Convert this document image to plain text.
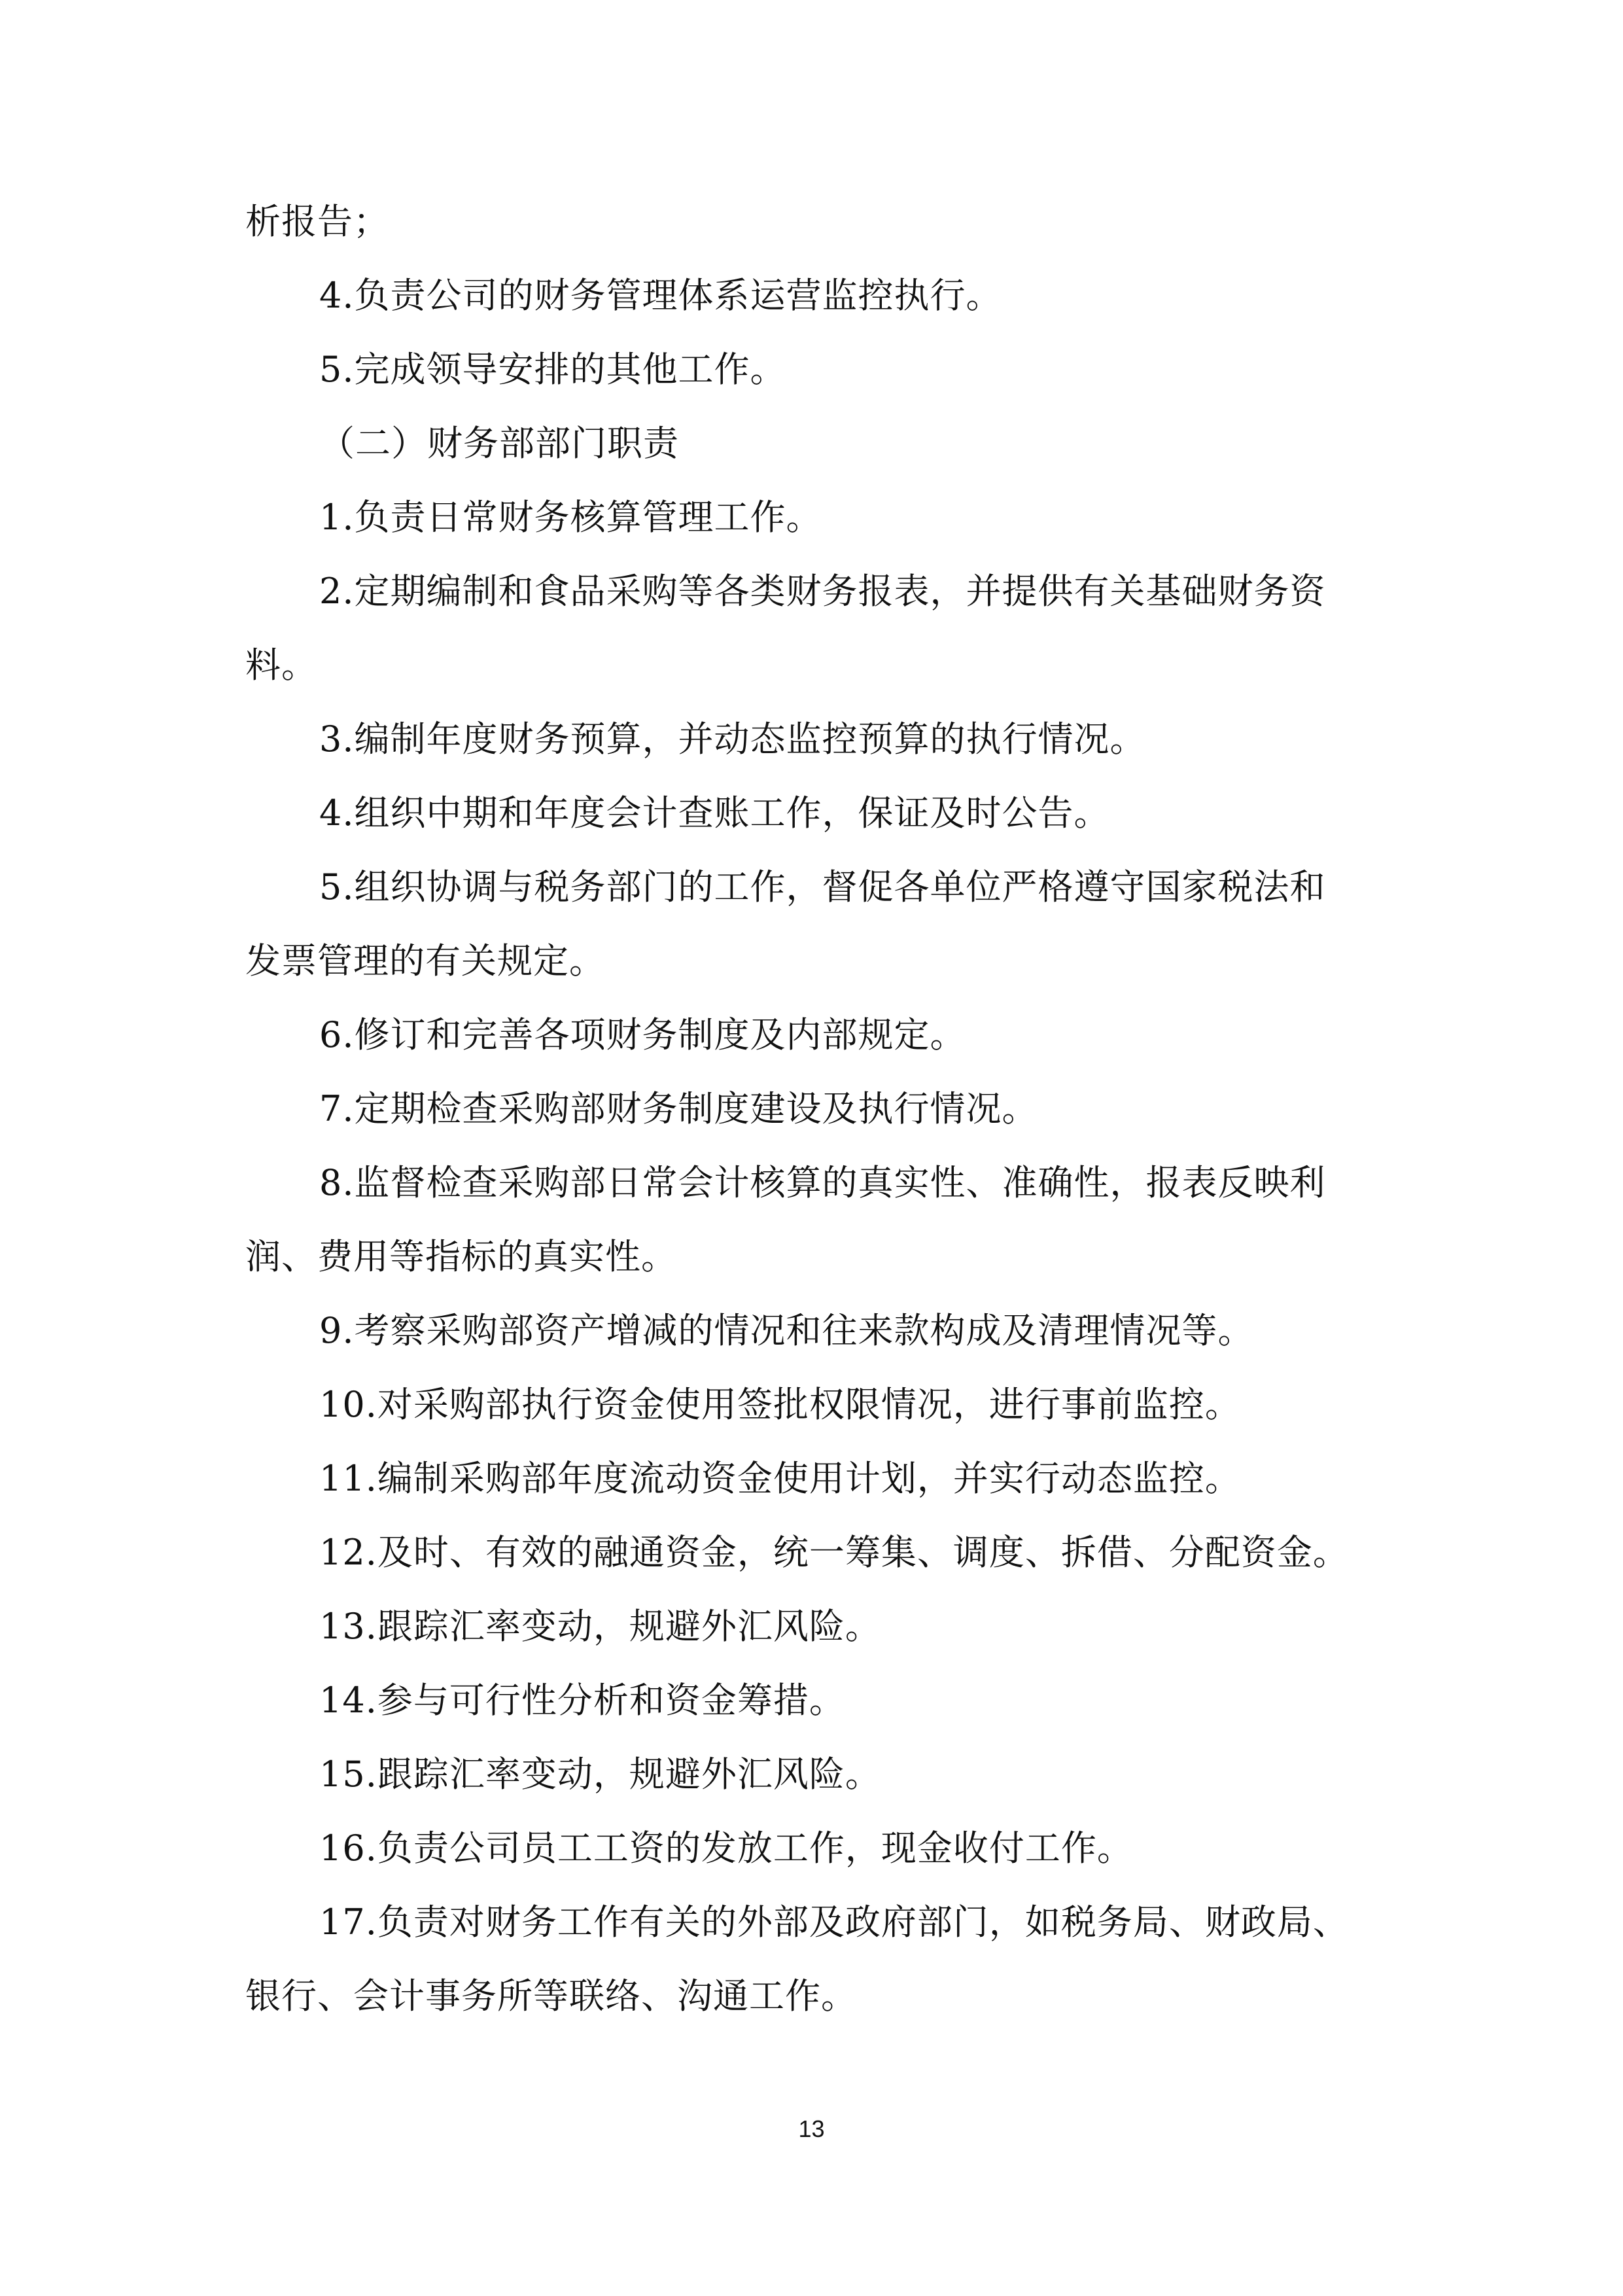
析报告；
4.负责公司的财务管理体系运营监控执行。
5.完成领导安排的其他工作。
（二）财务部部门职责
1.负责日常财务核算管理工作。
2.定期编制和食品采购等各类财务报表，并提供有关基础财务资
料。
3.编制年度财务预算，并动态监控预算的执行情况。
4.组织中期和年度会计查账工作，保证及时公告。
5.组织协调与税务部门的工作，督促各单位严格遵守国家税法和
发票管理的有关规定。
6.修订和完善各项财务制度及内部规定。
7.定期检查采购部财务制度建设及执行情况。
8.监督检查采购部日常会计核算的真实性、准确性，报表反映利
润、费用等指标的真实性。
9.考察采购部资产增减的情况和往来款构成及清理情况等。
10.对采购部执行资金使用签批权限情况，进行事前监控。
11.编制采购部年度流动资金使用计划，并实行动态监控。
12.及时、有效的融通资金，统一筹集、调度、拆借、分配资金。
13.跟踪汇率变动，规避外汇风险。
14.参与可行性分析和资金筹措。
15.跟踪汇率变动，规避外汇风险。
16.负责公司员工工资的发放工作，现金收付工作。
17.负责对财务工作有关的外部及政府部门，如税务局、财政局、
银行、会计事务所等联络、沟通工作。
13
